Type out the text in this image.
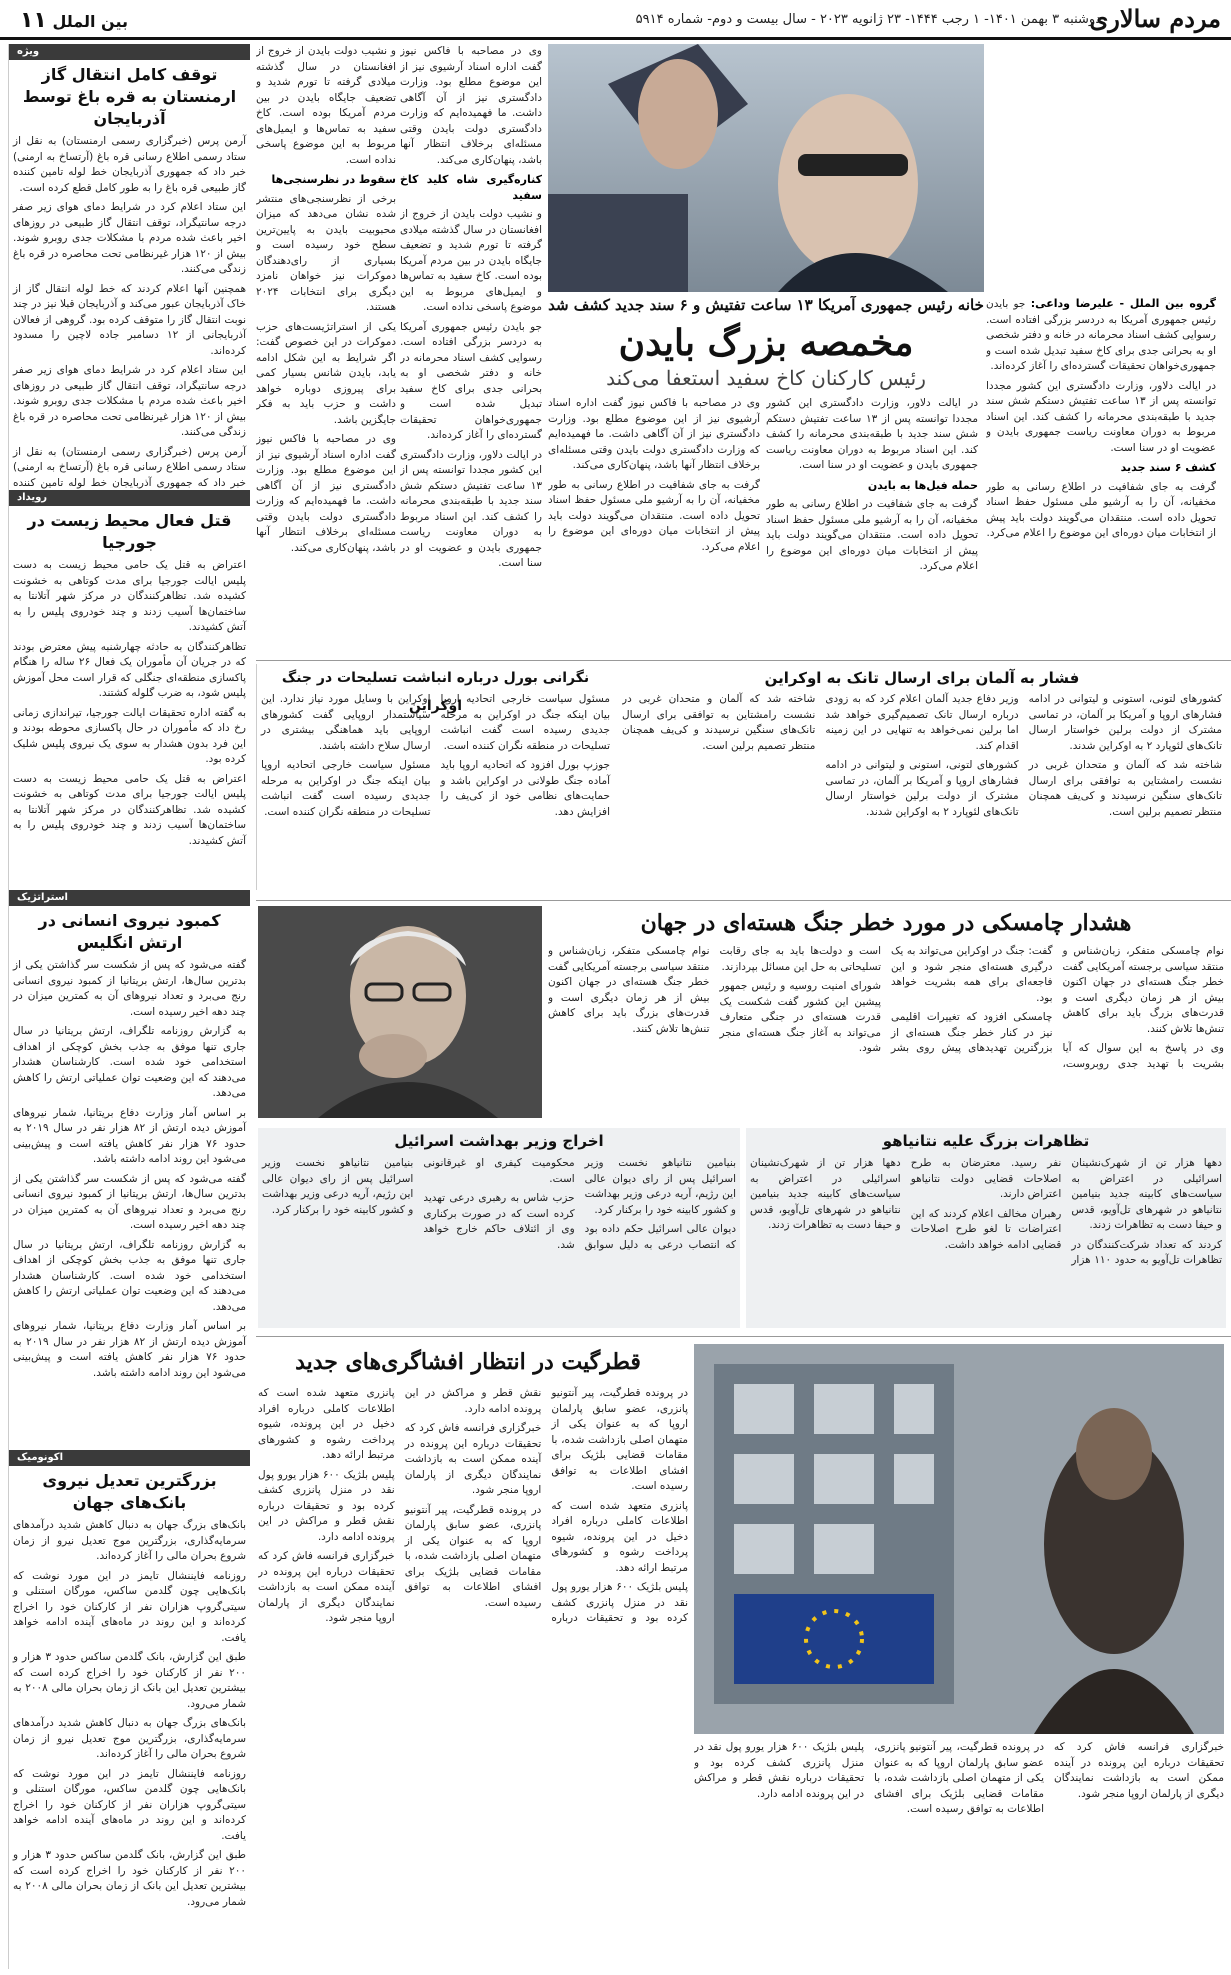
مردم سالاری
دوشنبه ۳ بهمن ۱۴۰۱- ۱ رجب ۱۴۴۴- ۲۳ ژانویه ۲۰۲۳ - سال بیست و دوم- شماره ۵۹۱۴
بین الملل ۱۱
خانه رئیس جمهوری آمریکا ۱۳ ساعت تفتیش و ۶ سند جدید کشف شد
مخمصه بزرگ بایدن
رئیس کارکنان کاخ سفید استعفا می‌کند

گروه بین الملل - علیرضا وداعی: جو بایدن رئیس جمهوری آمریکا به دردسر بزرگی افتاده است. رسوایی کشف اسناد محرمانه در خانه و دفتر شخصی او به بحرانی جدی برای کاخ سفید تبدیل شده است و جمهوری‌خواهان تحقیقات گسترده‌ای را آغاز کرده‌اند.

در ایالت دلاور، وزارت دادگستری این کشور مجددا توانسته پس از ۱۳ ساعت تفتیش دستکم شش سند جدید با طبقه‌بندی محرمانه را کشف کند. این اسناد مربوط به دوران معاونت ریاست جمهوری بایدن و عضویت او در سنا است.

کشف ۶ سند جدید

گرفت به جای شفافیت در اطلاع رسانی به طور مخفیانه، آن را به آرشیو ملی مسئول حفظ اسناد تحویل داده است. منتقدان می‌گویند دولت باید پیش از انتخابات میان دوره‌ای این موضوع را اعلام می‌کرد.

در ایالت دلاور، وزارت دادگستری این کشور مجددا توانسته پس از ۱۳ ساعت تفتیش دستکم شش سند جدید با طبقه‌بندی محرمانه را کشف کند. این اسناد مربوط به دوران معاونت ریاست جمهوری بایدن و عضویت او در سنا است.

حمله فیل‌ها به بایدن

گرفت به جای شفافیت در اطلاع رسانی به طور مخفیانه، آن را به آرشیو ملی مسئول حفظ اسناد تحویل داده است. منتقدان می‌گویند دولت باید پیش از انتخابات میان دوره‌ای این موضوع را اعلام می‌کرد.

وی در مصاحبه با فاکس نیوز گفت اداره اسناد آرشیوی نیز از این موضوع مطلع بود. وزارت دادگستری نیز از آن آگاهی داشت. ما فهمیده‌ایم که وزارت دادگستری دولت بایدن وقتی مسئله‌ای برخلاف انتظار آنها باشد، پنهان‌کاری می‌کند.

گرفت به جای شفافیت در اطلاع رسانی به طور مخفیانه، آن را به آرشیو ملی مسئول حفظ اسناد تحویل داده است. منتقدان می‌گویند دولت باید پیش از انتخابات میان دوره‌ای این موضوع را اعلام می‌کرد.

وی در مصاحبه با فاکس نیوز گفت اداره اسناد آرشیوی نیز از این موضوع مطلع بود. وزارت دادگستری نیز از آن آگاهی داشت. ما فهمیده‌ایم که وزارت دادگستری دولت بایدن وقتی مسئله‌ای برخلاف انتظار آنها باشد، پنهان‌کاری می‌کند.

کناره‌گیری شاه کلید کاخ سفید

و نشیب دولت بایدن از خروج از افغانستان در سال گذشته میلادی گرفته تا تورم شدید و تضعیف جایگاه بایدن در بین مردم آمریکا بوده است. کاخ سفید به تماس‌ها و ایمیل‌های مربوط به این موضوع پاسخی نداده است.

جو بایدن رئیس جمهوری آمریکا به دردسر بزرگی افتاده است. رسوایی کشف اسناد محرمانه در خانه و دفتر شخصی او به بحرانی جدی برای کاخ سفید تبدیل شده است و جمهوری‌خواهان تحقیقات گسترده‌ای را آغاز کرده‌اند.

در ایالت دلاور، وزارت دادگستری این کشور مجددا توانسته پس از ۱۳ ساعت تفتیش دستکم شش سند جدید با طبقه‌بندی محرمانه را کشف کند. این اسناد مربوط به دوران معاونت ریاست جمهوری بایدن و عضویت او در سنا است.

و نشیب دولت بایدن از خروج از افغانستان در سال گذشته میلادی گرفته تا تورم شدید و تضعیف جایگاه بایدن در بین مردم آمریکا بوده است. کاخ سفید به تماس‌ها و ایمیل‌های مربوط به این موضوع پاسخی نداده است.

سقوط در نظرسنجی‌ها

برخی از نظرسنجی‌های منتشر شده نشان می‌دهد که میزان محبوبیت بایدن به پایین‌ترین سطح خود رسیده است و بسیاری از رای‌دهندگان دموکرات نیز خواهان نامزد دیگری برای انتخابات ۲۰۲۴ هستند.

یکی از استراتژیست‌های حزب دموکرات در این خصوص گفت: اگر شرایط به این شکل ادامه یابد، بایدن شانس بسیار کمی برای پیروزی دوباره خواهد داشت و حزب باید به فکر جایگزین باشد.

وی در مصاحبه با فاکس نیوز گفت اداره اسناد آرشیوی نیز از این موضوع مطلع بود. وزارت دادگستری نیز از آن آگاهی داشت. ما فهمیده‌ایم که وزارت دادگستری دولت بایدن وقتی مسئله‌ای برخلاف انتظار آنها باشد، پنهان‌کاری می‌کند.

ویژه
توقف کامل انتقال گاز ارمنستان به قره باغ توسط آذربایجان

آرمن پرس (خبرگزاری رسمی ارمنستان) به نقل از ستاد رسمی اطلاع رسانی قره باغ (آرتساخ به ارمنی) خبر داد که جمهوری آذربایجان خط لوله تامین کننده گاز طبیعی قره باغ را به طور کامل قطع کرده است.

این ستاد اعلام کرد در شرایط دمای هوای زیر صفر درجه سانتیگراد، توقف انتقال گاز طبیعی در روزهای اخیر باعث شده مردم با مشکلات جدی روبرو شوند. بیش از ۱۲۰ هزار غیرنظامی تحت محاصره در قره باغ زندگی می‌کنند.

همچنین آنها اعلام کردند که خط لوله انتقال گاز از خاک آذربایجان عبور می‌کند و آذربایجان قبلا نیز در چند نوبت انتقال گاز را متوقف کرده بود. گروهی از فعالان آذربایجانی از ۱۲ دسامبر جاده لاچین را مسدود کرده‌اند.

این ستاد اعلام کرد در شرایط دمای هوای زیر صفر درجه سانتیگراد، توقف انتقال گاز طبیعی در روزهای اخیر باعث شده مردم با مشکلات جدی روبرو شوند. بیش از ۱۲۰ هزار غیرنظامی تحت محاصره در قره باغ زندگی می‌کنند.

آرمن پرس (خبرگزاری رسمی ارمنستان) به نقل از ستاد رسمی اطلاع رسانی قره باغ (آرتساخ به ارمنی) خبر داد که جمهوری آذربایجان خط لوله تامین کننده

رویداد
قتل فعال محیط زیست در جورجیا

اعتراض به قتل یک حامی محیط زیست به دست پلیس ایالت جورجیا برای مدت کوتاهی به خشونت کشیده شد. تظاهرکنندگان در مرکز شهر آتلانتا به ساختمان‌ها آسیب زدند و چند خودروی پلیس را به آتش کشیدند.

تظاهرکنندگان به حادثه چهارشنبه پیش معترض بودند که در جریان آن مأموران یک فعال ۲۶ ساله را هنگام پاکسازی منطقه‌ای جنگلی که قرار است محل آموزش پلیس شود، به ضرب گلوله کشتند.

به گفته اداره تحقیقات ایالت جورجیا، تیراندازی زمانی رخ داد که مأموران در حال پاکسازی محوطه بودند و این فرد بدون هشدار به سوی یک نیروی پلیس شلیک کرده بود.

اعتراض به قتل یک حامی محیط زیست به دست پلیس ایالت جورجیا برای مدت کوتاهی به خشونت کشیده شد. تظاهرکنندگان در مرکز شهر آتلانتا به ساختمان‌ها آسیب زدند و چند خودروی پلیس را به آتش کشیدند.

استراتژیک
کمبود نیروی انسانی در ارتش انگلیس

گفته می‌شود که پس از شکست سر گذاشتن یکی از بدترین سال‌ها، ارتش بریتانیا از کمبود نیروی انسانی رنج می‌برد و تعداد نیروهای آن به کمترین میزان در چند دهه اخیر رسیده است.

به گزارش روزنامه تلگراف، ارتش بریتانیا در سال جاری تنها موفق به جذب بخش کوچکی از اهداف استخدامی خود شده است. کارشناسان هشدار می‌دهند که این وضعیت توان عملیاتی ارتش را کاهش می‌دهد.

بر اساس آمار وزارت دفاع بریتانیا، شمار نیروهای آموزش دیده ارتش از ۸۲ هزار نفر در سال ۲۰۱۹ به حدود ۷۶ هزار نفر کاهش یافته است و پیش‌بینی می‌شود این روند ادامه داشته باشد.

گفته می‌شود که پس از شکست سر گذاشتن یکی از بدترین سال‌ها، ارتش بریتانیا از کمبود نیروی انسانی رنج می‌برد و تعداد نیروهای آن به کمترین میزان در چند دهه اخیر رسیده است.

به گزارش روزنامه تلگراف، ارتش بریتانیا در سال جاری تنها موفق به جذب بخش کوچکی از اهداف استخدامی خود شده است. کارشناسان هشدار می‌دهند که این وضعیت توان عملیاتی ارتش را کاهش می‌دهد.

بر اساس آمار وزارت دفاع بریتانیا، شمار نیروهای آموزش دیده ارتش از ۸۲ هزار نفر در سال ۲۰۱۹ به حدود ۷۶ هزار نفر کاهش یافته است و پیش‌بینی می‌شود این روند ادامه داشته باشد.

اکونومیک
بزرگترین تعدیل نیروی بانک‌های جهان

بانک‌های بزرگ جهان به دنبال کاهش شدید درآمدهای سرمایه‌گذاری، بزرگترین موج تعدیل نیرو از زمان شروع بحران مالی را آغاز کرده‌اند.

روزنامه فایننشال تایمز در این مورد نوشت که بانک‌هایی چون گلدمن ساکس، مورگان استنلی و سیتی‌گروپ هزاران نفر از کارکنان خود را اخراج کرده‌اند و این روند در ماه‌های آینده ادامه خواهد یافت.

طبق این گزارش، بانک گلدمن ساکس حدود ۳ هزار و ۲۰۰ نفر از کارکنان خود را اخراج کرده است که بیشترین تعدیل این بانک از زمان بحران مالی ۲۰۰۸ به شمار می‌رود.

بانک‌های بزرگ جهان به دنبال کاهش شدید درآمدهای سرمایه‌گذاری، بزرگترین موج تعدیل نیرو از زمان شروع بحران مالی را آغاز کرده‌اند.

روزنامه فایننشال تایمز در این مورد نوشت که بانک‌هایی چون گلدمن ساکس، مورگان استنلی و سیتی‌گروپ هزاران نفر از کارکنان خود را اخراج کرده‌اند و این روند در ماه‌های آینده ادامه خواهد یافت.

طبق این گزارش، بانک گلدمن ساکس حدود ۳ هزار و ۲۰۰ نفر از کارکنان خود را اخراج کرده است که بیشترین تعدیل این بانک از زمان بحران مالی ۲۰۰۸ به شمار می‌رود.

فشار به آلمان برای ارسال تانک به اوکراین

کشورهای لتونی، استونی و لیتوانی در ادامه فشارهای اروپا و آمریکا بر آلمان، در تماسی مشترک از دولت برلین خواستار ارسال تانک‌های لئوپارد ۲ به اوکراین شدند.

شاخته شد که آلمان و متحدان غربی در نشست رامشتاین به توافقی برای ارسال تانک‌های سنگین نرسیدند و کی‌یف همچنان منتظر تصمیم برلین است.

وزیر دفاع جدید آلمان اعلام کرد که به زودی درباره ارسال تانک تصمیم‌گیری خواهد شد اما برلین نمی‌خواهد به تنهایی در این زمینه اقدام کند.

کشورهای لتونی، استونی و لیتوانی در ادامه فشارهای اروپا و آمریکا بر آلمان، در تماسی مشترک از دولت برلین خواستار ارسال تانک‌های لئوپارد ۲ به اوکراین شدند.

شاخته شد که آلمان و متحدان غربی در نشست رامشتاین به توافقی برای ارسال تانک‌های سنگین نرسیدند و کی‌یف همچنان منتظر تصمیم برلین است.

نگرانی بورل درباره انباشت تسلیحات در جنگ اوکراین

مسئول سیاست خارجی اتحادیه اروپا بیان اینکه جنگ در اوکراین به مرحله جدیدی رسیده است گفت انباشت تسلیحات در منطقه نگران کننده است.

جوزپ بورل افزود که اتحادیه اروپا باید آماده جنگ طولانی در اوکراین باشد و حمایت‌های نظامی خود از کی‌یف را افزایش دهد.

اوکراین با وسایل مورد نیاز ندارد. این سیاستمدار اروپایی گفت کشورهای اروپایی باید هماهنگی بیشتری در ارسال سلاح داشته باشند.

مسئول سیاست خارجی اتحادیه اروپا بیان اینکه جنگ در اوکراین به مرحله جدیدی رسیده است گفت انباشت تسلیحات در منطقه نگران کننده است.

هشدار چامسکی در مورد خطر جنگ هسته‌ای در جهان

نوام چامسکی متفکر، زبان‌شناس و منتقد سیاسی برجسته آمریکایی گفت خطر جنگ هسته‌ای در جهان اکنون بیش از هر زمان دیگری است و قدرت‌های بزرگ باید برای کاهش تنش‌ها تلاش کنند.

وی در پاسخ به این سوال که آیا بشریت با تهدید جدی روبروست، گفت: جنگ در اوکراین می‌تواند به یک درگیری هسته‌ای منجر شود و این فاجعه‌ای برای همه بشریت خواهد بود.

چامسکی افزود که تغییرات اقلیمی نیز در کنار خطر جنگ هسته‌ای از بزرگترین تهدیدهای پیش روی بشر است و دولت‌ها باید به جای رقابت تسلیحاتی به حل این مسائل بپردازند.

شورای امنیت روسیه و رئیس جمهور پیشین این کشور گفت شکست یک قدرت هسته‌ای در جنگی متعارف می‌تواند به آغاز جنگ هسته‌ای منجر شود.

نوام چامسکی متفکر، زبان‌شناس و منتقد سیاسی برجسته آمریکایی گفت خطر جنگ هسته‌ای در جهان اکنون بیش از هر زمان دیگری است و قدرت‌های بزرگ باید برای کاهش تنش‌ها تلاش کنند.

تظاهرات بزرگ علیه نتانیاهو

دهها هزار تن از شهرک‌نشینان اسرائیلی در اعتراض به سیاست‌های کابینه جدید بنیامین نتانیاهو در شهرهای تل‌آویو، قدس و حیفا دست به تظاهرات زدند.

کردند که تعداد شرکت‌کنندگان در تظاهرات تل‌آویو به حدود ۱۱۰ هزار نفر رسید. معترضان به طرح اصلاحات قضایی دولت نتانیاهو اعتراض دارند.

رهبران مخالف اعلام کردند که این اعتراضات تا لغو طرح اصلاحات قضایی ادامه خواهد داشت.

دهها هزار تن از شهرک‌نشینان اسرائیلی در اعتراض به سیاست‌های کابینه جدید بنیامین نتانیاهو در شهرهای تل‌آویو، قدس و حیفا دست به تظاهرات زدند.

اخراج وزیر بهداشت اسرائیل

بنیامین نتانیاهو نخست وزیر اسرائیل پس از رای دیوان عالی این رژیم، آریه درعی وزیر بهداشت و کشور کابینه خود را برکنار کرد.

دیوان عالی اسرائیل حکم داده بود که انتصاب درعی به دلیل سوابق محکومیت کیفری او غیرقانونی است.

حزب شاس به رهبری درعی تهدید کرده است که در صورت برکناری وی از ائتلاف حاکم خارج خواهد شد.

بنیامین نتانیاهو نخست وزیر اسرائیل پس از رای دیوان عالی این رژیم، آریه درعی وزیر بهداشت و کشور کابینه خود را برکنار کرد.

قطرگیت در انتظار افشاگری‌های جدید

در پرونده قطرگیت، پیر آنتونیو پانزری، عضو سابق پارلمان اروپا که به عنوان یکی از متهمان اصلی بازداشت شده، با مقامات قضایی بلژیک برای افشای اطلاعات به توافق رسیده است.

پانزری متعهد شده است که اطلاعات کاملی درباره افراد دخیل در این پرونده، شیوه پرداخت رشوه و کشورهای مرتبط ارائه دهد.

پلیس بلژیک ۶۰۰ هزار یورو پول نقد در منزل پانزری کشف کرده بود و تحقیقات درباره نقش قطر و مراکش در این پرونده ادامه دارد.

خبرگزاری فرانسه فاش کرد که تحقیقات درباره این پرونده در آینده ممکن است به بازداشت نمایندگان دیگری از پارلمان اروپا منجر شود.

در پرونده قطرگیت، پیر آنتونیو پانزری، عضو سابق پارلمان اروپا که به عنوان یکی از متهمان اصلی بازداشت شده، با مقامات قضایی بلژیک برای افشای اطلاعات به توافق رسیده است.

پانزری متعهد شده است که اطلاعات کاملی درباره افراد دخیل در این پرونده، شیوه پرداخت رشوه و کشورهای مرتبط ارائه دهد.

پلیس بلژیک ۶۰۰ هزار یورو پول نقد در منزل پانزری کشف کرده بود و تحقیقات درباره نقش قطر و مراکش در این پرونده ادامه دارد.

خبرگزاری فرانسه فاش کرد که تحقیقات درباره این پرونده در آینده ممکن است به بازداشت نمایندگان دیگری از پارلمان اروپا منجر شود.

خبرگزاری فرانسه فاش کرد که تحقیقات درباره این پرونده در آینده ممکن است به بازداشت نمایندگان دیگری از پارلمان اروپا منجر شود.

در پرونده قطرگیت، پیر آنتونیو پانزری، عضو سابق پارلمان اروپا که به عنوان یکی از متهمان اصلی بازداشت شده، با مقامات قضایی بلژیک برای افشای اطلاعات به توافق رسیده است.

پلیس بلژیک ۶۰۰ هزار یورو پول نقد در منزل پانزری کشف کرده بود و تحقیقات درباره نقش قطر و مراکش در این پرونده ادامه دارد.
